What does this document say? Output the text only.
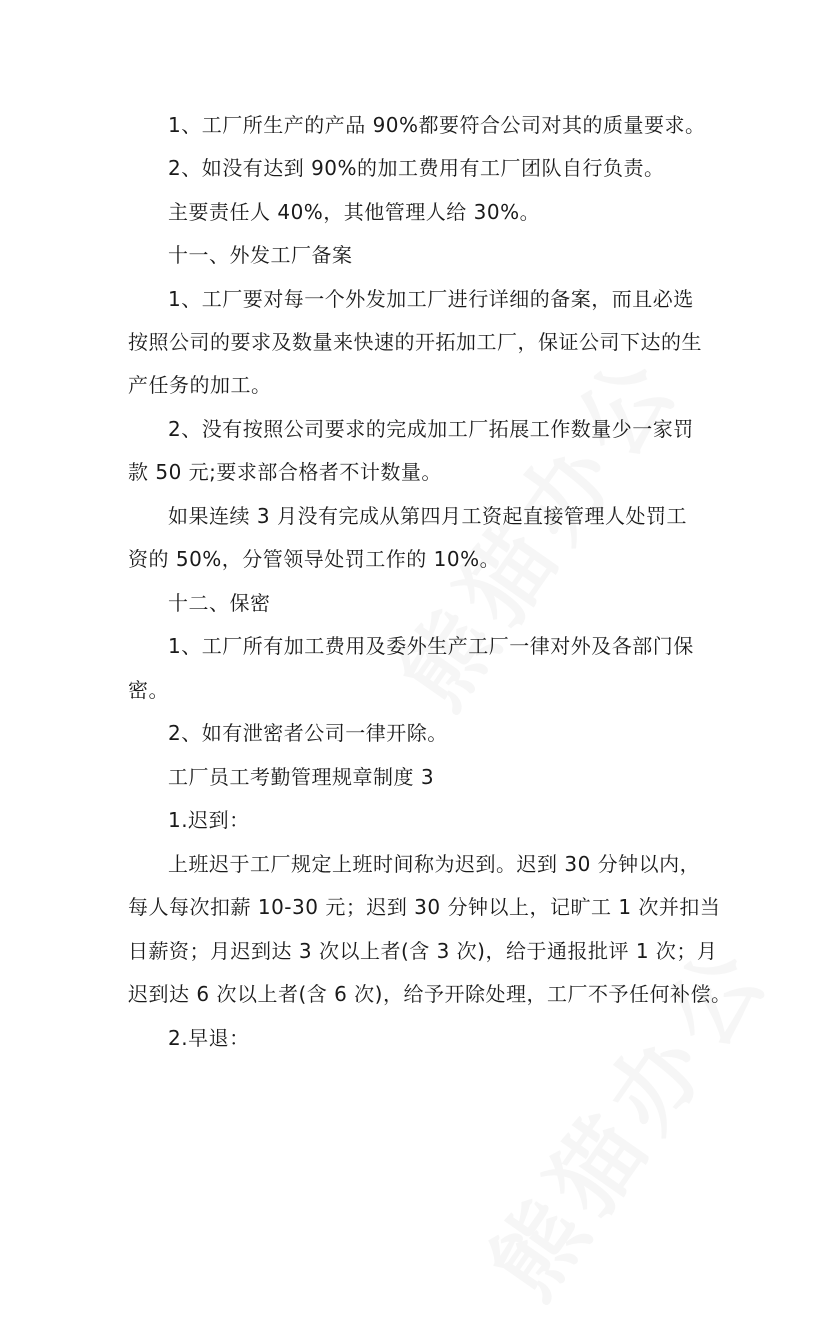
1、工厂所生产的产品 90%都要符合公司对其的质量要求。
2、如没有达到 90%的加工费用有工厂团队自行负责。
主要责任人 40%，其他管理人给 30%。
十一、外发工厂备案
1、工厂要对每一个外发加工厂进行详细的备案，而且必选
按照公司的要求及数量来快速的开拓加工厂，保证公司下达的生
产任务的加工。
2、没有按照公司要求的完成加工厂拓展工作数量少一家罚
款 50 元;要求部合格者不计数量。
如果连续 3 月没有完成从第四月工资起直接管理人处罚工
资的 50%，分管领导处罚工作的 10%。
十二、保密
1、工厂所有加工费用及委外生产工厂一律对外及各部门保
密。
2、如有泄密者公司一律开除。
工厂员工考勤管理规章制度 3
1.迟到：
上班迟于工厂规定上班时间称为迟到。迟到 30 分钟以内，
每人每次扣薪 10-30 元；迟到 30 分钟以上，记旷工 1 次并扣当
日薪资；月迟到达 3 次以上者(含 3 次)，给于通报批评 1 次；月
迟到达 6 次以上者(含 6 次)，给予开除处理，工厂不予任何补偿。
2.早退：
